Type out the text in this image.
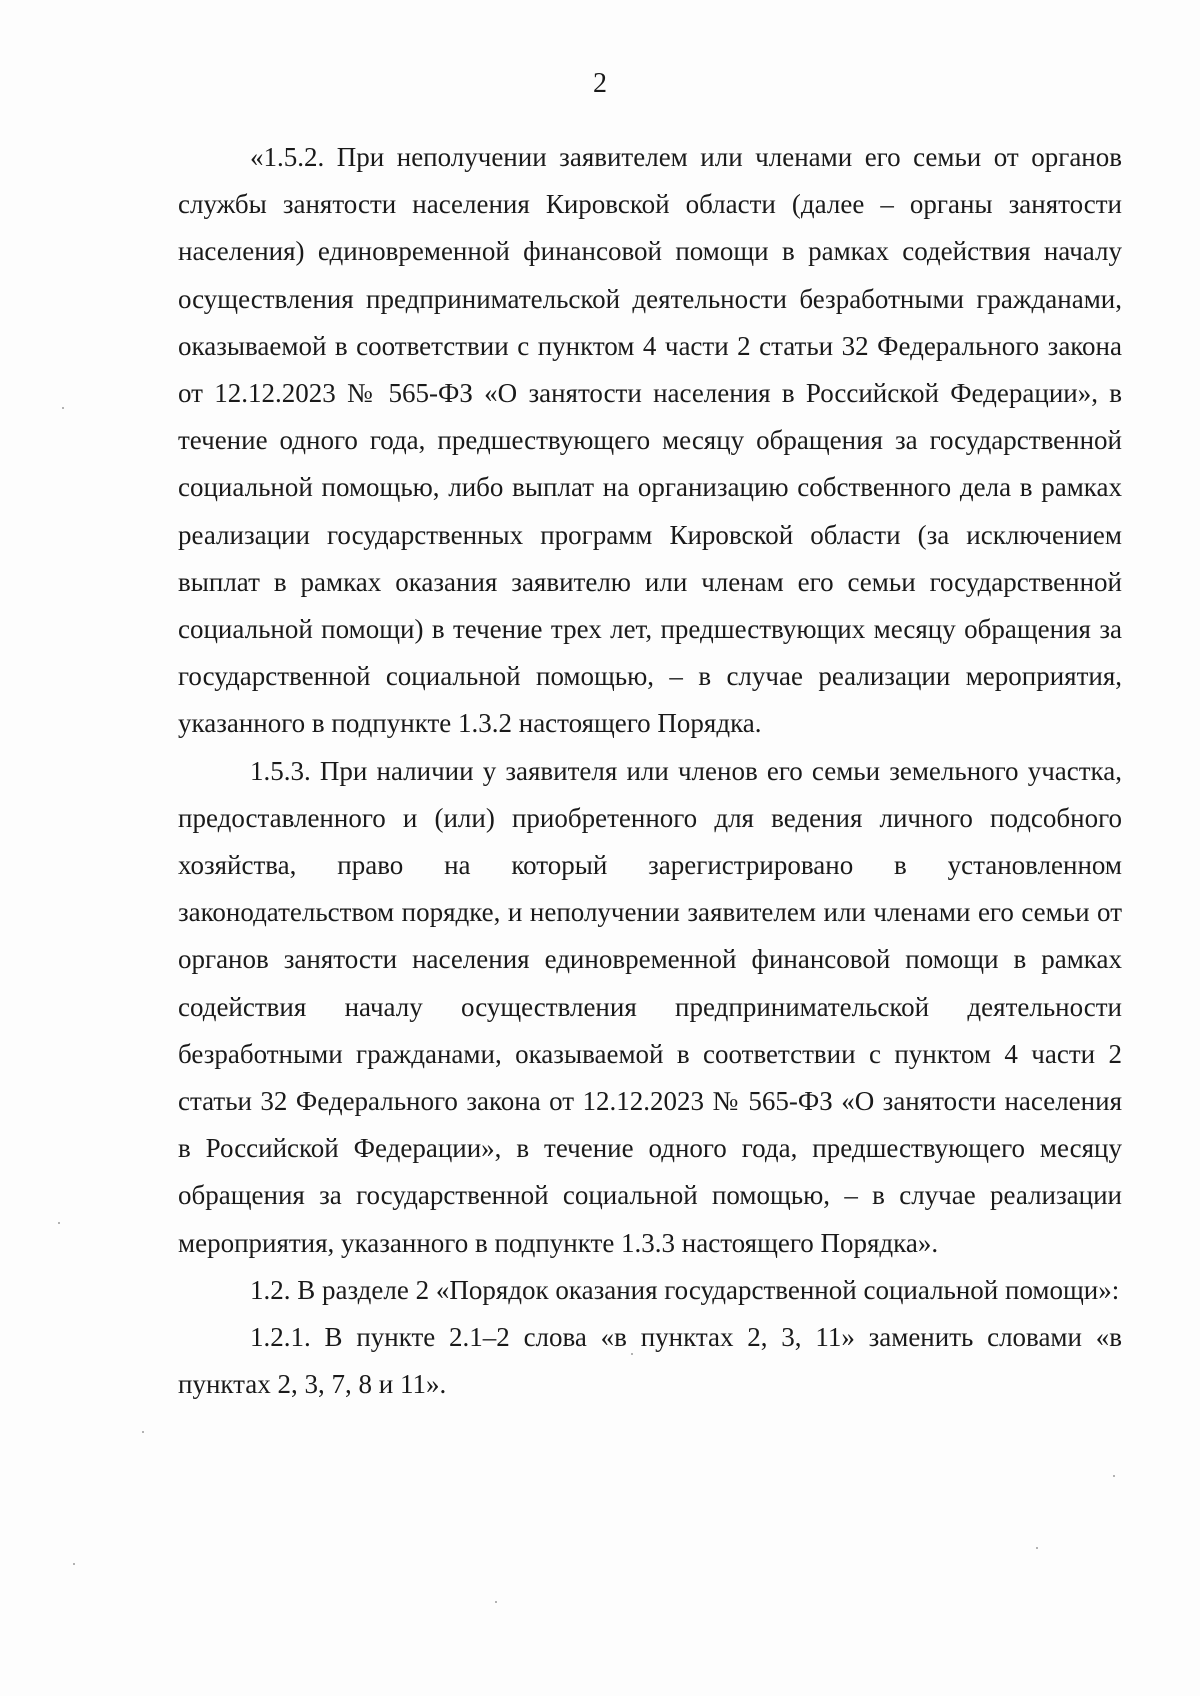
2

«1.5.2. При неполучении заявителем или членами его семьи от органов службы занятости населения Кировской области (далее – органы занятости населения) единовременной финансовой помощи в рамках содействия началу осуществления предпринимательской деятельности безработными гражданами, оказываемой в соответствии с пунктом 4 части 2 статьи 32 Федерального закона от 12.12.2023 № 565-ФЗ «О занятости населения в Российской Федерации», в течение одного года, предшествующего месяцу обращения за государственной социальной помощью, либо выплат на организацию собственного дела в рамках реализации государственных программ Кировской области (за исключением выплат в рамках оказания заявителю или членам его семьи государственной социальной помощи) в течение трех лет, предшествующих месяцу обращения за государственной социальной помощью, – в случае реализации мероприятия, указанного в подпункте 1.3.2 настоящего Порядка.

1.5.3. При наличии у заявителя или членов его семьи земельного участка, предоставленного и (или) приобретенного для ведения личного подсобного хозяйства, право на который зарегистрировано в установленном законодательством порядке, и неполучении заявителем или членами его семьи от органов занятости населения единовременной финансовой помощи в рамках содействия началу осуществления предпринимательской деятельности безработными гражданами, оказываемой в соответствии с пунктом 4 части 2 статьи 32 Федерального закона от 12.12.2023 № 565-ФЗ «О занятости населения в Российской Федерации», в течение одного года, предшествующего месяцу обращения за государственной социальной помощью, – в случае реализации мероприятия, указанного в подпункте 1.3.3 настоящего Порядка».

1.2. В разделе 2 «Порядок оказания государственной социальной помощи»:

1.2.1. В пункте 2.1–2 слова «в пунктах 2, 3, 11» заменить словами «в пунктах 2, 3, 7, 8 и 11».
